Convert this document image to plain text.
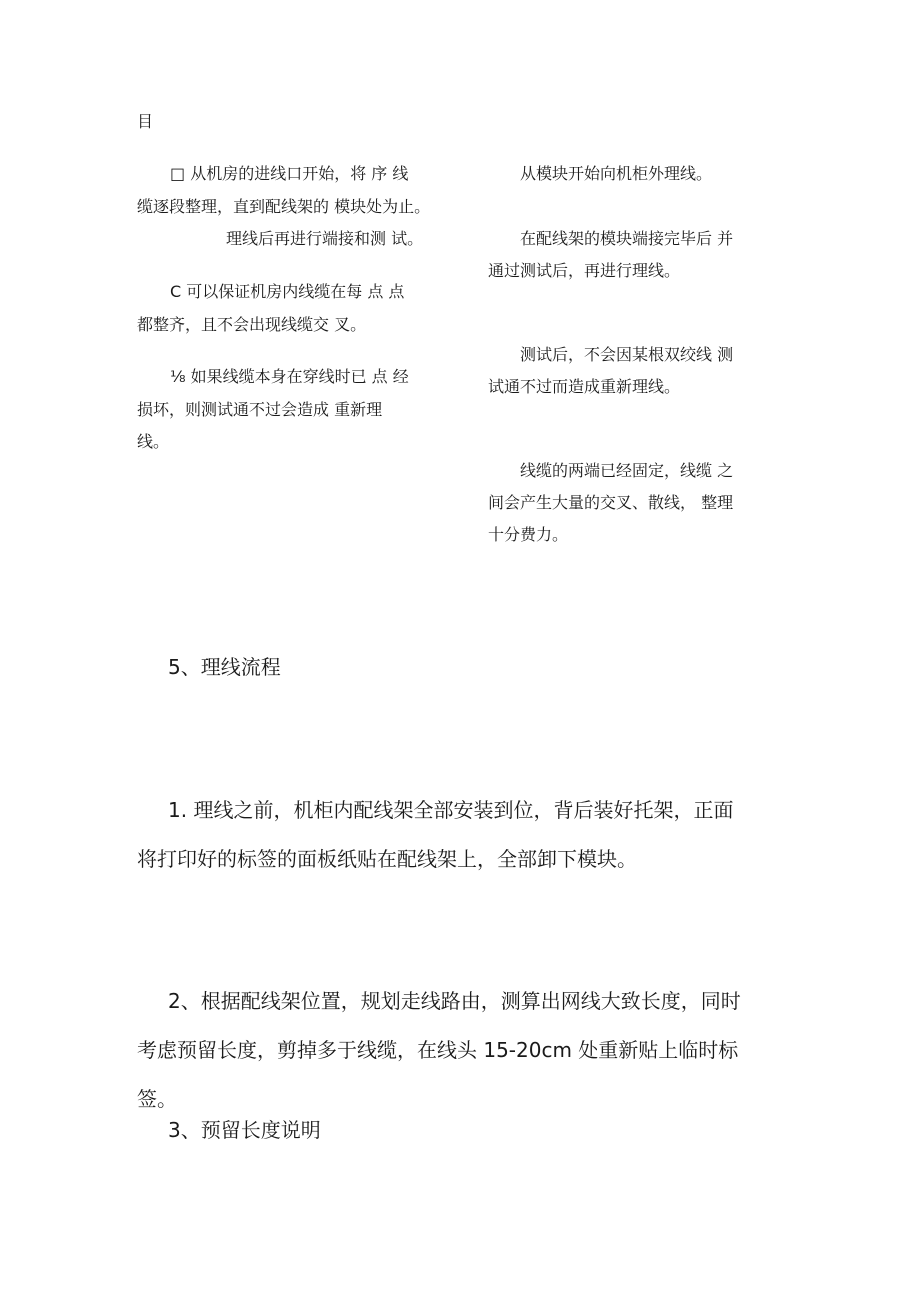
目
□ 从机房的进线口开始，将 序 线
缆逐段整理，直到配线架的 模块处为止。
理线后再进行端接和测 试。
C 可以保证机房内线缆在每 点 点
都整齐，且不会出现线缆交 叉。
⅛ 如果线缆本身在穿线时已 点 经
损坏，则测试通不过会造成 重新理
线。
从模块开始向机柜外理线。
在配线架的模块端接完毕后 并
通过测试后，再进行理线。
测试后，不会因某根双绞线 测
试通不过而造成重新理线。
线缆的两端已经固定，线缆 之
间会产生大量的交叉、散线， 整理
十分费力。
5、理线流程
1. 理线之前，机柜内配线架全部安装到位，背后装好托架，正面
将打印好的标签的面板纸贴在配线架上，全部卸下模块。
2、根据配线架位置，规划走线路由，测算出网线大致长度，同时
考虑预留长度，剪掉多于线缆，在线头 15-20cm 处重新贴上临时标
签。
3、预留长度说明
